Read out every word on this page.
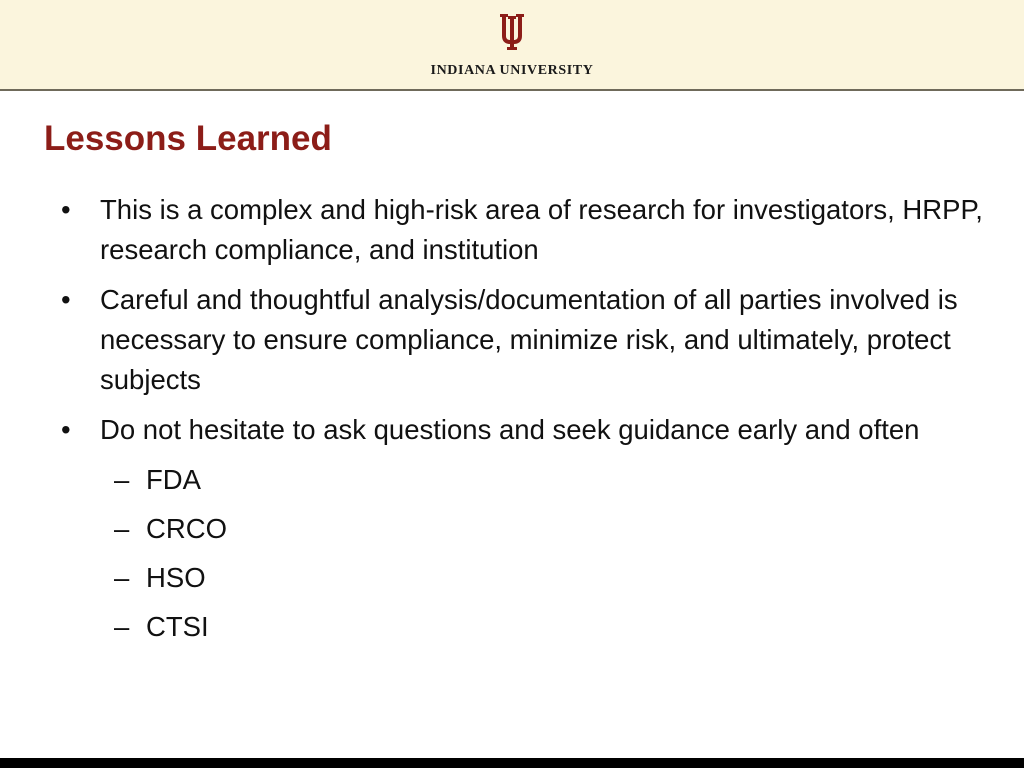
INDIANA UNIVERSITY
Lessons Learned
• This is a complex and high-risk area of research for investigators, HRPP, research compliance, and institution
• Careful and thoughtful analysis/documentation of all parties involved is necessary to ensure compliance, minimize risk, and ultimately, protect subjects
• Do not hesitate to ask questions and seek guidance early and often
– FDA
– CRCO
– HSO
– CTSI
